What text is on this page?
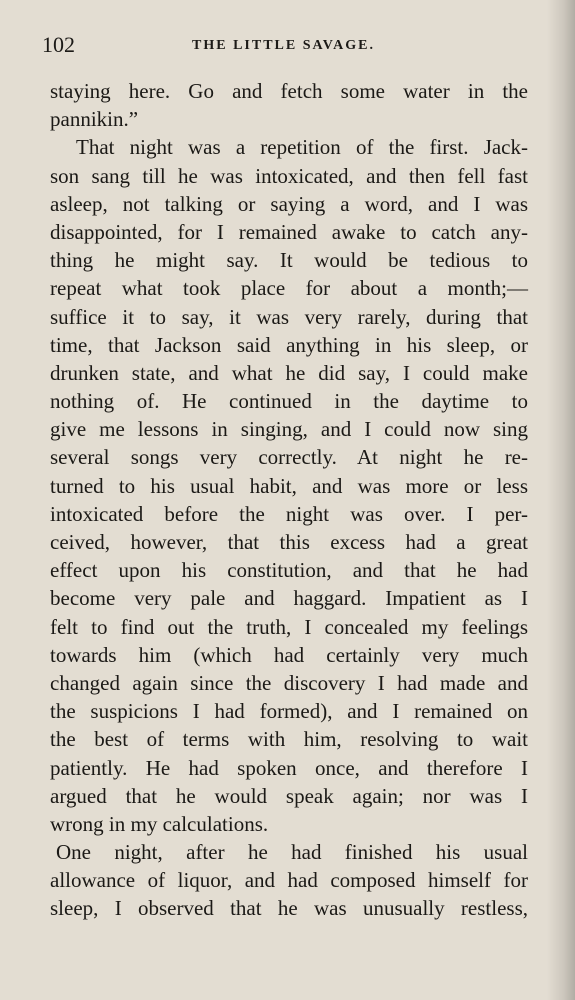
102	THE LITTLE SAVAGE.
staying here. Go and fetch some water in the
pannikin.”
That night was a repetition of the first. Jack-
son sang till he was intoxicated, and then fell fast
asleep, not talking or saying a word, and I was
disappointed, for I remained awake to catch any-
thing he might say. It would be tedious to
repeat what took place for about a month;—
suffice it to say, it was very rarely, during that
time, that Jackson said anything in his sleep, or
drunken state, and what he did say, I could make
nothing of. He continued in the daytime to
give me lessons in singing, and I could now sing
several songs very correctly. At night he re-
turned to his usual habit, and was more or less
intoxicated before the night was over. I per-
ceived, however, that this excess had a great
effect upon his constitution, and that he had
become very pale and haggard. Impatient as I
felt to find out the truth, I concealed my feelings
towards him (which had certainly very much
changed again since the discovery I had made and
the suspicions I had formed), and I remained on
the best of terms with him, resolving to wait
patiently. He had spoken once, and therefore I
argued that he would speak again; nor was I
wrong in my calculations.
One night, after he had finished his usual
allowance of liquor, and had composed himself for
sleep, I observed that he was unusually restless,
